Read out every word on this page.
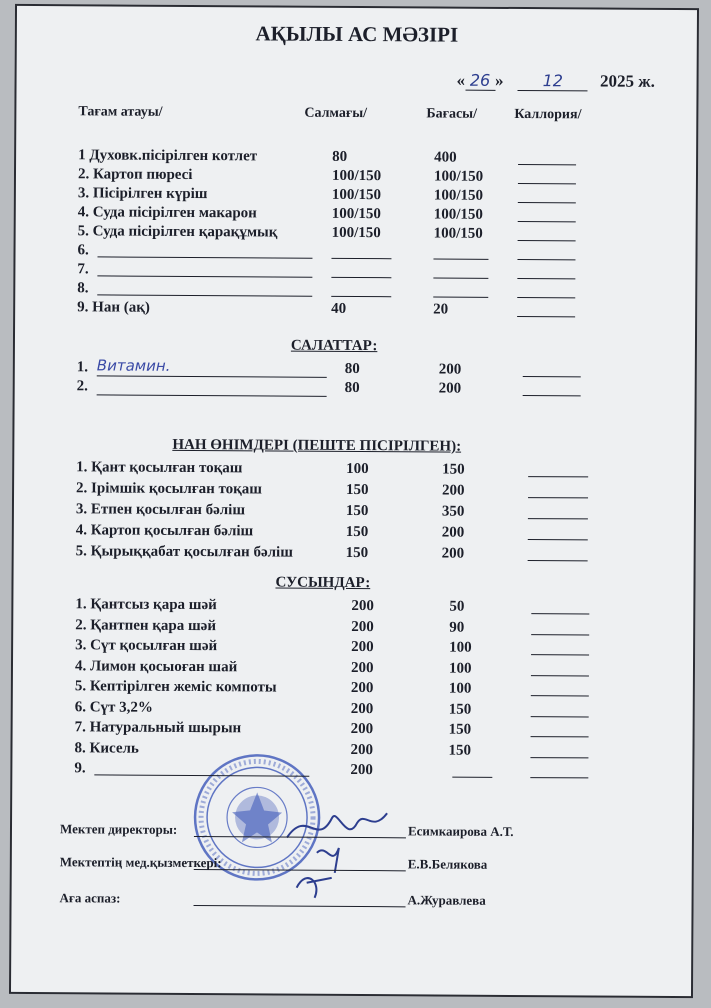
АҚЫЛЫ АС МӘЗІРІ
« 26 » 12 2025 ж.
Тағам атауы/	Салмағы/	Бағасы/	Каллория/
САЛАТТАР:
НАН ӨНІМДЕРІ (ПЕШТЕ ПІСІРІЛГЕН):
СУСЫНДАР:
1 Духовк.пісірілген котлет	80	400
2. Картоп пюресі	100/150	100/150
3. Пісірілген күріш	100/150	100/150
4. Суда пісірілген макарон	100/150	100/150
5. Суда пісірілген қарақұмық	100/150	100/150
6.
7.
8.
9. Нан (ақ)	40	20
1. Витамин.	80	200
2.	80	200
1. Қант қосылған тоқаш	100	150
2. Ірімшік қосылған тоқаш	150	200
3. Етпен қосылған бәліш	150	350
4. Картоп қосылған бәліш	150	200
5. Қырыққабат қосылған бәліш	150	200
1. Қантсыз қара шәй	200	50
2. Қантпен қара шәй	200	90
3. Сүт қосылған шәй	200	100
4. Лимон қосыоған шай	200	100
5. Кептірілген жеміс компоты	200	100
6. Сүт 3,2%	200	150
7. Натуральный шырын	200	150
8. Кисель	200	150
9.	200
Мектеп директоры:	Есимкаирова А.Т.
Мектептің мед.қызметкері:	Е.В.Белякова
Аға аспаз:	А.Журавлева
